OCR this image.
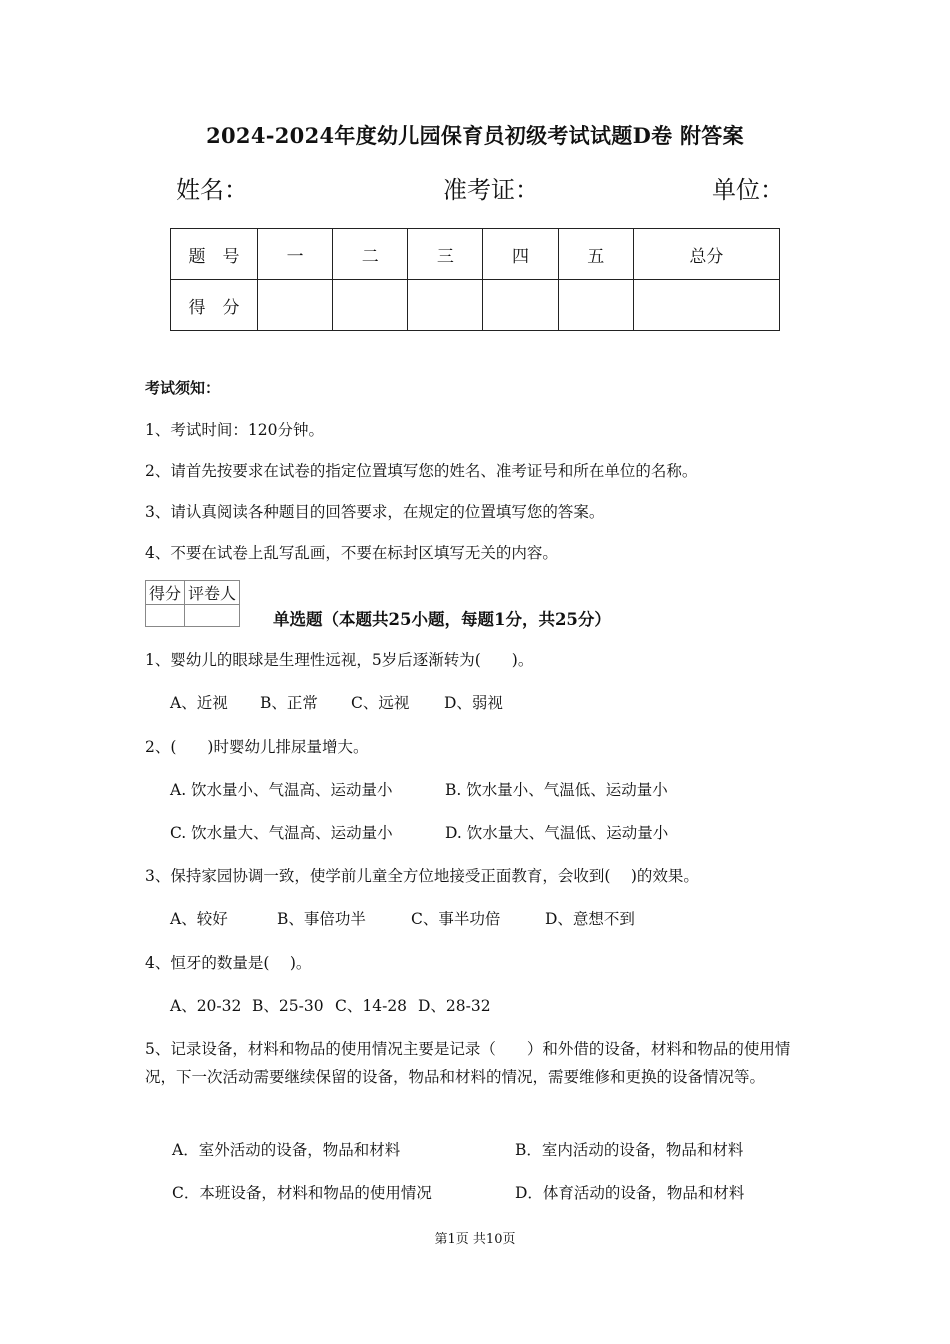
2024-2024年度幼儿园保育员初级考试试题D卷 附答案
姓名：	准考证：	单位：
题　号	一	二	三	四	五	总分
得　分						
考试须知：
1、考试时间：120分钟。
2、请首先按要求在试卷的指定位置填写您的姓名、准考证号和所在单位的名称。
3、请认真阅读各种题目的回答要求，在规定的位置填写您的答案。
4、不要在试卷上乱写乱画，不要在标封区填写无关的内容。
得分	评卷人

单选题（本题共25小题，每题1分，共25分）
1、婴幼儿的眼球是生理性远视，5岁后逐渐转为(　　)。
A、近视 B、正常 C、远视 D、弱视
2、(　　)时婴幼儿排尿量增大。
A. 饮水量小、气温高、运动量小	B. 饮水量小、气温低、运动量小
C. 饮水量大、气温高、运动量小	D. 饮水量大、气温低、运动量小
3、保持家园协调一致，使学前儿童全方位地接受正面教育，会收到(　 )的效果。
A、较好	B、事倍功半	C、事半功倍	D、意想不到
4、恒牙的数量是(　 )。
A、20-32 B、25-30 C、14-28 D、28-32
5、记录设备，材料和物品的使用情况主要是记录（　　）和外借的设备，材料和物品的使用情况，下一次活动需要继续保留的设备，物品和材料的情况，需要维修和更换的设备情况等。
A．室外活动的设备，物品和材料	B．室内活动的设备，物品和材料
C．本班设备，材料和物品的使用情况	D．体育活动的设备，物品和材料
第1页 共10页
